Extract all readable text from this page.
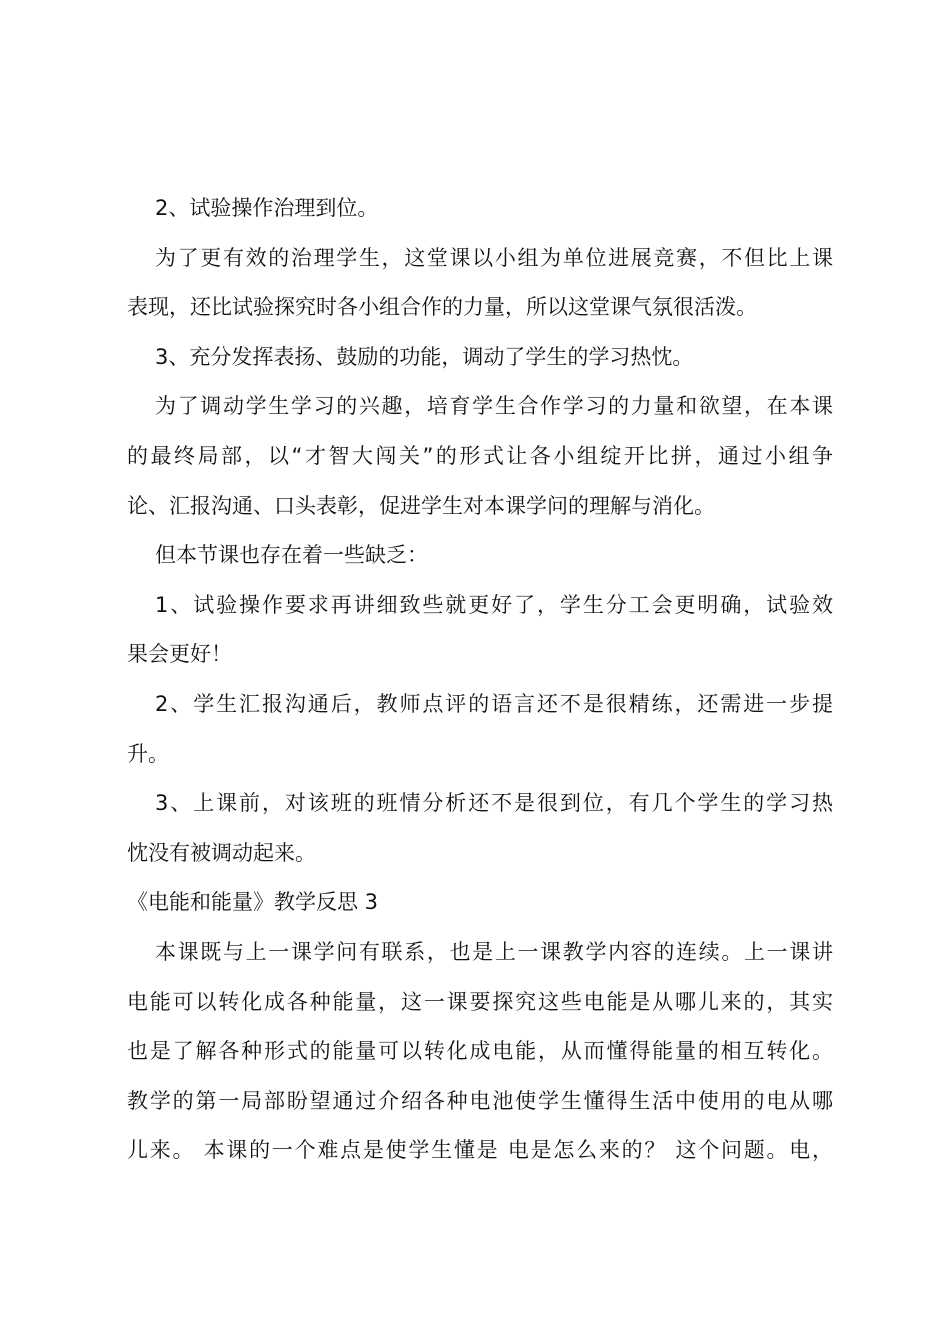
2、试验操作治理到位。
为了更有效的治理学生，这堂课以小组为单位进展竞赛，不但比上课
表现，还比试验探究时各小组合作的力量，所以这堂课气氛很活泼。
3、充分发挥表扬、鼓励的功能，调动了学生的学习热忱。
为了调动学生学习的兴趣，培育学生合作学习的力量和欲望，在本课
的最终局部，以“才智大闯关”的形式让各小组绽开比拼，通过小组争
论、汇报沟通、口头表彰，促进学生对本课学问的理解与消化。
但本节课也存在着一些缺乏：
1、试验操作要求再讲细致些就更好了，学生分工会更明确，试验效
果会更好！
2、学生汇报沟通后，教师点评的语言还不是很精练，还需进一步提
升。
3、上课前，对该班的班情分析还不是很到位，有几个学生的学习热
忱没有被调动起来。
《电能和能量》教学反思 3
本课既与上一课学问有联系，也是上一课教学内容的连续。上一课讲
电能可以转化成各种能量，这一课要探究这些电能是从哪儿来的，其实
也是了解各种形式的能量可以转化成电能，从而懂得能量的相互转化。
教学的第一局部盼望通过介绍各种电池使学生懂得生活中使用的电从哪
儿来。 本课的一个难点是使学生懂是 电是怎么来的？ 这个问题。电，
